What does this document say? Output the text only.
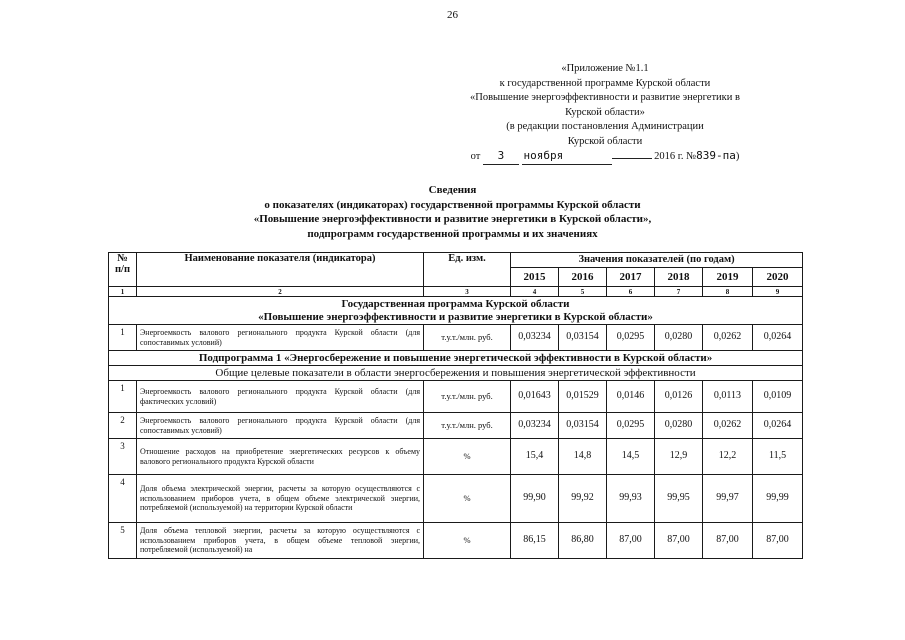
26
«Приложение №1.1
к государственной программе Курской области
«Повышение энергоэффективности и развитие энергетики в
Курской области»
(в редакции постановления Администрации
Курской области
от 3 ноября	2016 г. №839-па)
Сведения
о показателях (индикаторах) государственной программы Курской области
«Повышение энергоэффективности и развитие энергетики в Курской области»,
подпрограмм государственной программы и их значениях
№ п/п	Наименование показателя (индикатора)	Ед. изм.	Значения показателей (по годам)					
			2015	2016	2017	2018	2019	2020
1	2	3	4	5	6	7	8	9

Государственная программа Курской области
«Повышение энергоэффективности и развитие энергетики в Курской области»								

1	Энергоемкость валового регионального продукта Курской области (для сопоставимых условий)	т.у.т./млн. руб.	0,03234	0,03154	0,0295	0,0280	0,0262	0,0264
Подпрограмма 1 «Энергосбережение и повышение энергетической эффективности в Курской области»								
Общие целевые показатели в области энергосбережения и повышения энергетической эффективности								
1	Энергоемкость валового регионального продукта Курской области (для фактических условий)	т.у.т./млн. руб.	0,01643	0,01529	0,0146	0,0126	0,0113	0,0109
2	Энергоемкость валового регионального продукта Курской области (для сопоставимых условий)	т.у.т./млн. руб.	0,03234	0,03154	0,0295	0,0280	0,0262	0,0264
3	Отношение расходов на приобретение энергетических ресурсов к объему валового регионального продукта Курской области	%	15,4	14,8	14,5	12,9	12,2	11,5
4	Доля объема электрической энергии, расчеты за которую осуществляются с использованием приборов учета, в общем объеме электрической энергии, потребляемой (используемой) на территории Курской области	%	99,90	99,92	99,93	99,95	99,97	99,99
5	Доля объема тепловой энергии, расчеты за которую осуществляются с использованием приборов учета, в общем объеме тепловой энергии, потребляемой (используемой) на	%	86,15	86,80	87,00	87,00	87,00	87,00
